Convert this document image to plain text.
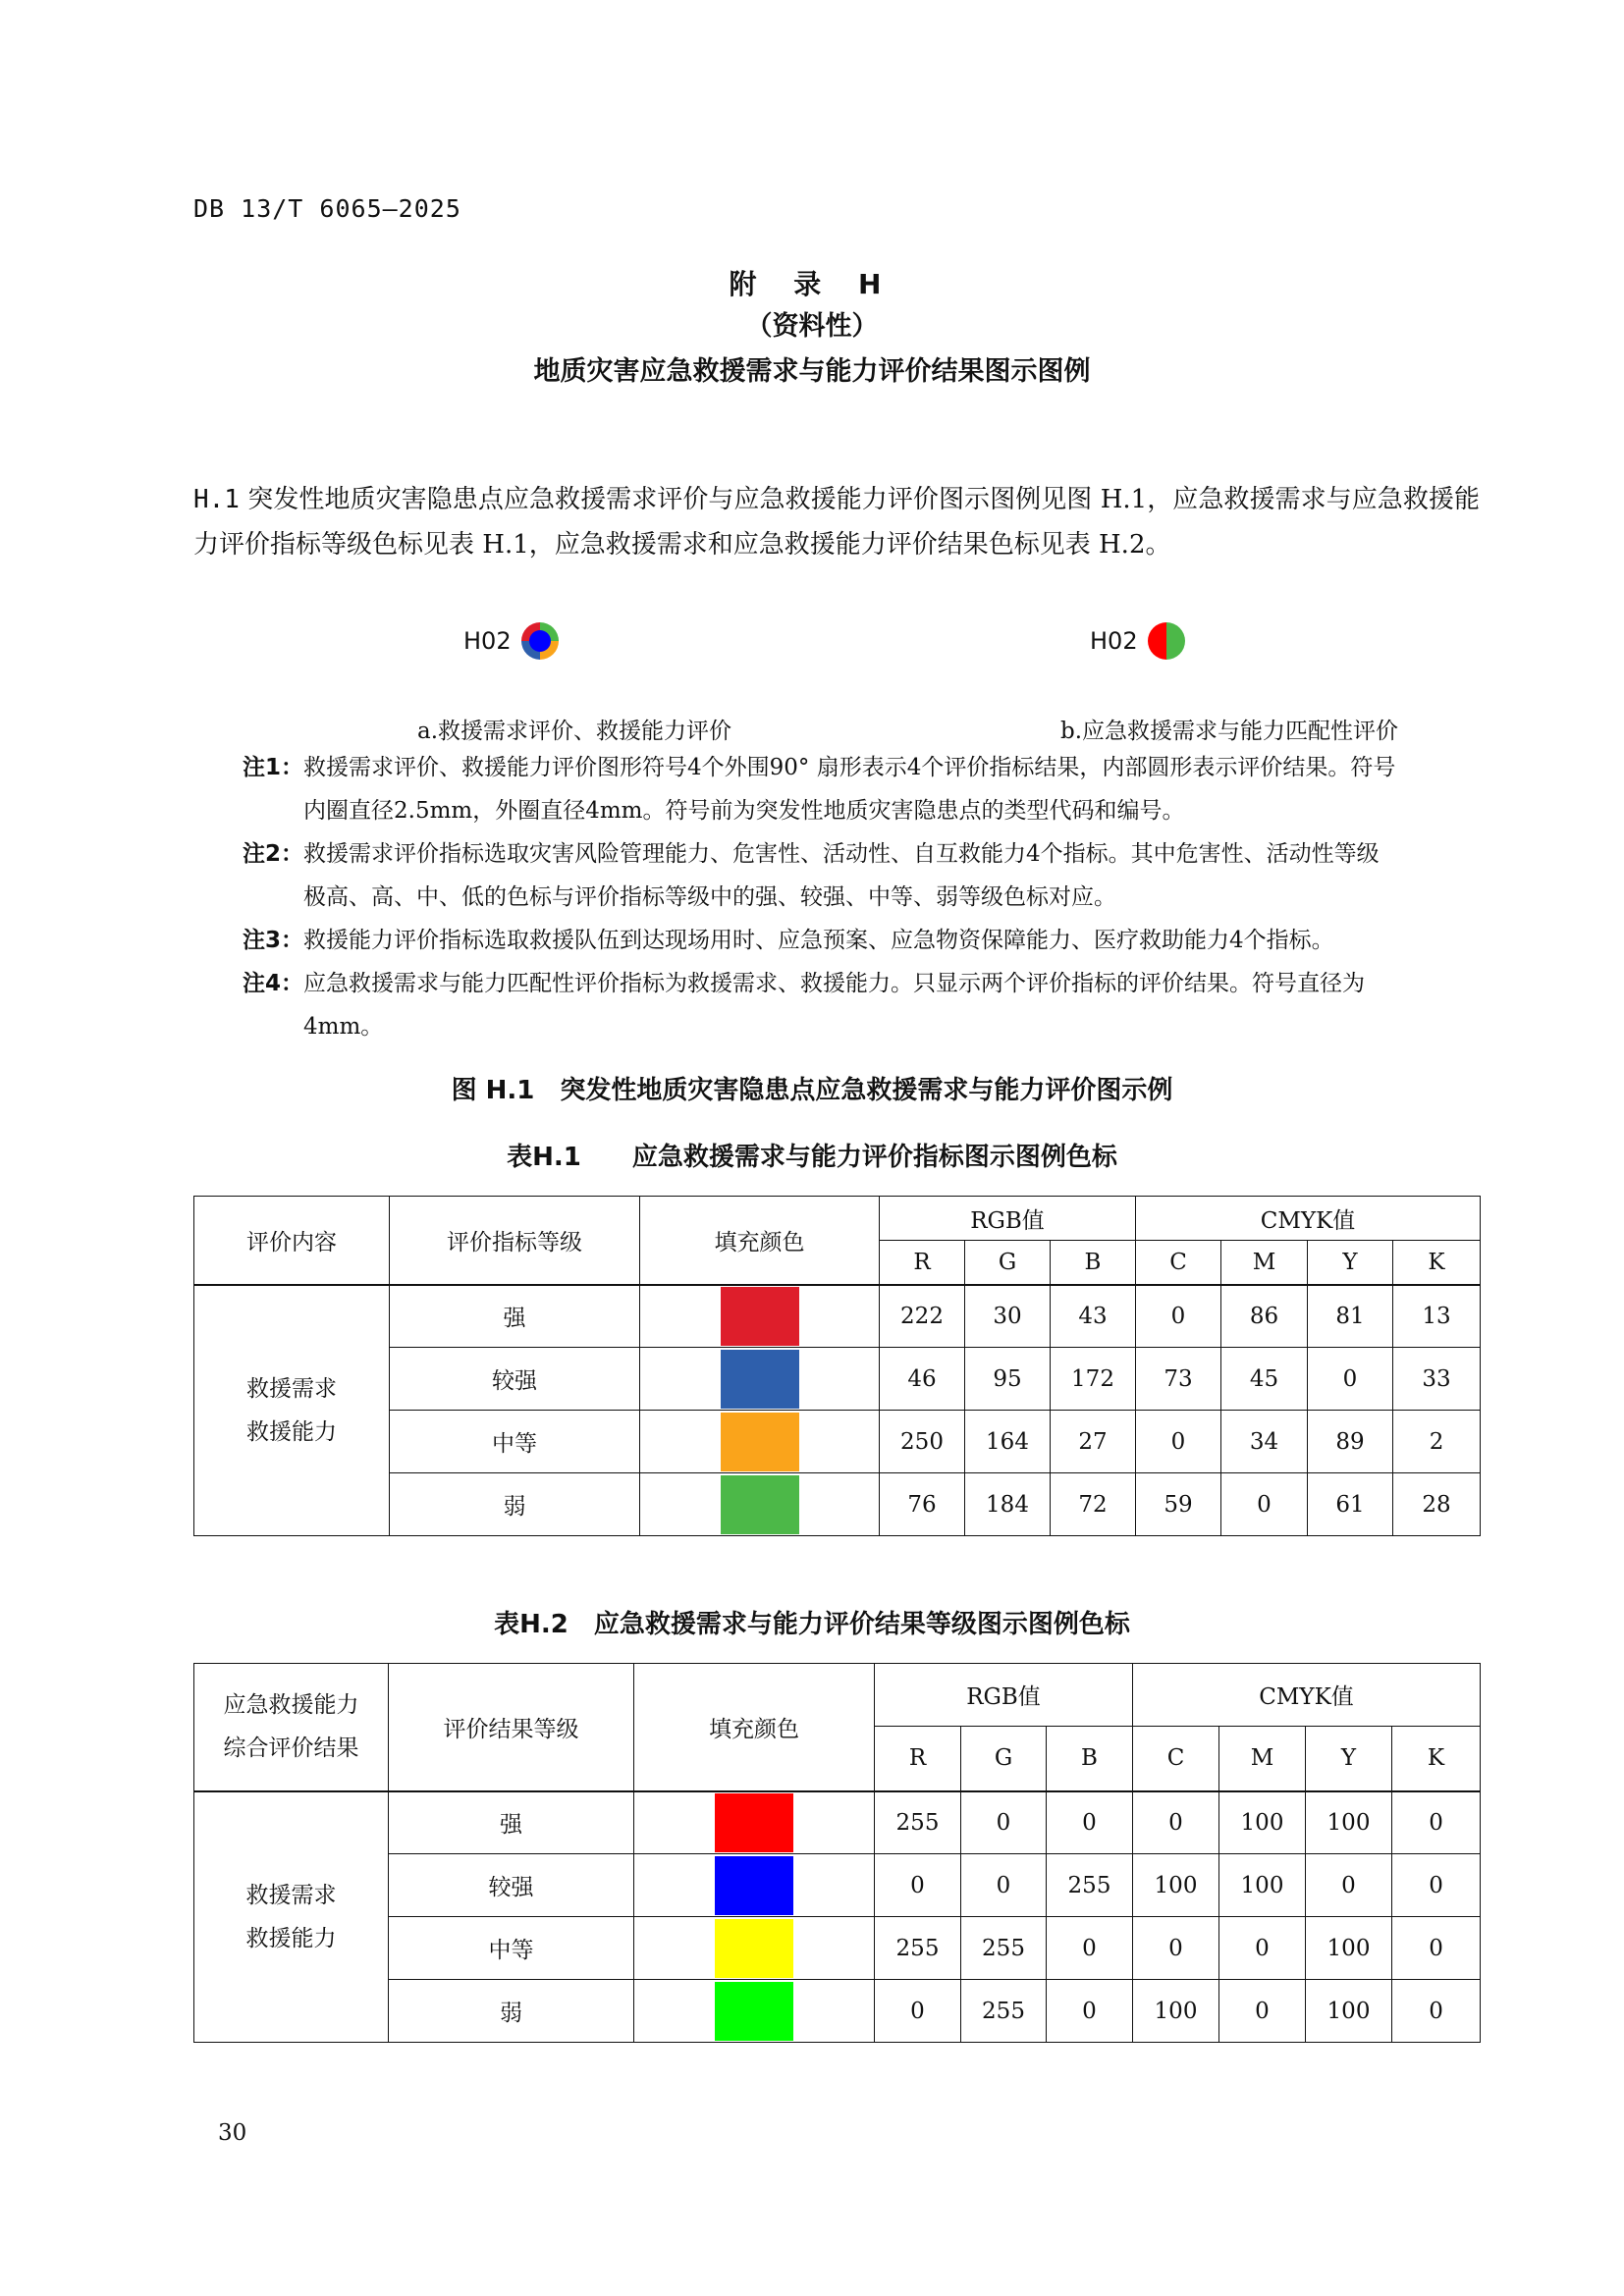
DB 13/T 6065—2025
附 录 H
（资料性）
地质灾害应急救援需求与能力评价结果图示图例
H.1 突发性地质灾害隐患点应急救援需求评价与应急救援能力评价图示图例见图 H.1，应急救援需求与应急救援能力评价指标等级色标见表 H.1，应急救援需求和应急救援能力评价结果色标见表 H.2。
H02	H02
a.救援需求评价、救援能力评价	b.应急救援需求与能力匹配性评价
注1：救援需求评价、救援能力评价图形符号4个外围90° 扇形表示4个评价指标结果，内部圆形表示评价结果。符号
内圈直径2.5mm，外圈直径4mm。符号前为突发性地质灾害隐患点的类型代码和编号。
注2：救援需求评价指标选取灾害风险管理能力、危害性、活动性、自互救能力4个指标。其中危害性、活动性等级
极高、高、中、低的色标与评价指标等级中的强、较强、中等、弱等级色标对应。
注3：救援能力评价指标选取救援队伍到达现场用时、应急预案、应急物资保障能力、医疗救助能力4个指标。
注4：应急救援需求与能力匹配性评价指标为救援需求、救援能力。只显示两个评价指标的评价结果。符号直径为
4mm。
图 H.1　突发性地质灾害隐患点应急救援需求与能力评价图示例
表H.1　　应急救援需求与能力评价指标图示图例色标
评价内容	评价指标等级	填充颜色	RGB值			CMYK值			
			R	G	B	C	M	Y	K

救援需求
救援能力	强		222	30	43	0	86	81	13
	较强		46	95	172	73	45	0	33
	中等		250	164	27	0	34	89	2
	弱		76	184	72	59	0	61	28
表H.2　应急救援需求与能力评价结果等级图示图例色标
应急救援能力
综合评价结果	评价结果等级	填充颜色	RGB值			CMYK值			
			R	G	B	C	M	Y	K

救援需求
救援能力	强		255	0	0	0	100	100	0
	较强		0	0	255	100	100	0	0
	中等		255	255	0	0	0	100	0
	弱		0	255	0	100	0	100	0
30
